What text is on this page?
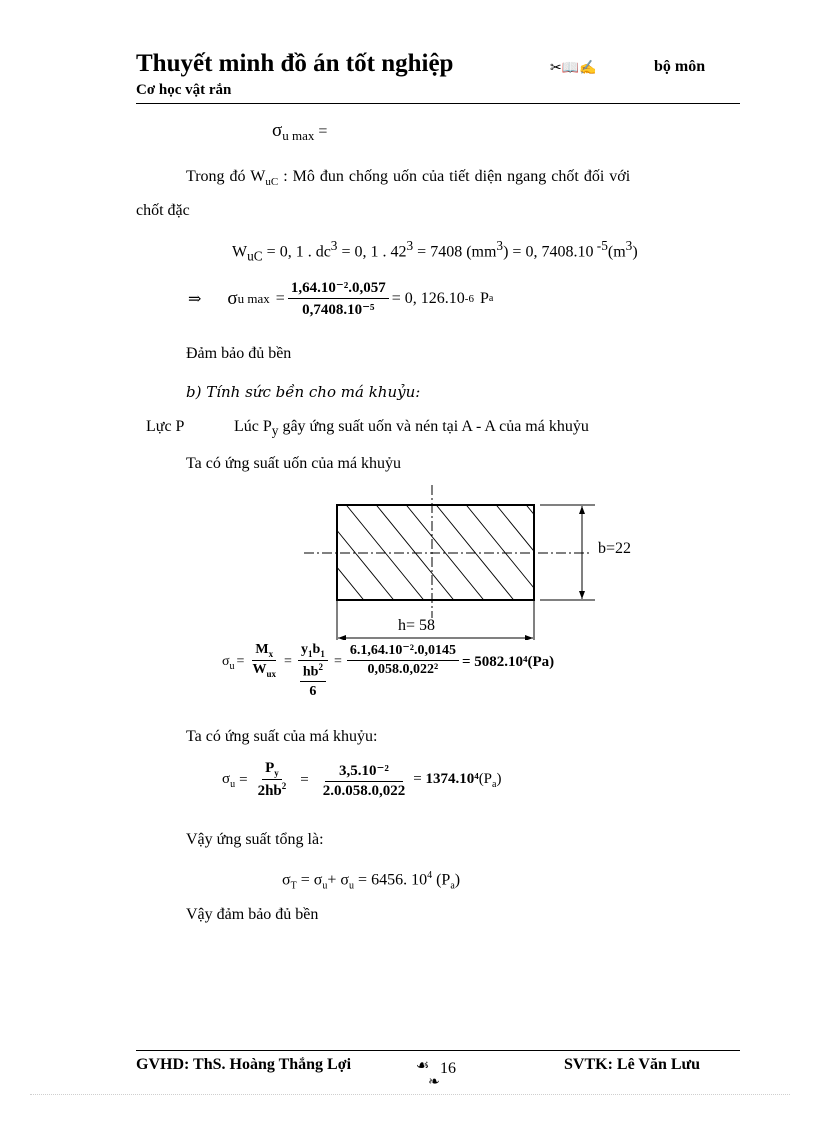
Thuyết minh đồ án tốt nghiệp	✂📖✍	bộ môn
Cơ học vật rắn
$\sigma_{u max}$ =
Trong đó $W_{uC}$ : Mô đun chống uốn của tiết diện ngang chốt đối với
chốt đặc
$W_{uC} = 0$, 1 . $dc^3 = 0$, 1 . $42^3 = 7408$ $(mm^3) = 0$, 7408.10 $^{-5}(m^3)$
⇒ σ u $\max = \frac{\text{1,64.10⁻².0,057}}{\text{0,7408.10⁻⁵}} = 0$, 126.10 -6 P a
Đảm bảo đủ bền
b) Tính sức bền cho má khuỷu:
Lực P	Lúc $P_y$ gây ứng suất uốn và nén tại A - A của má khuỷu
Ta có ứng suất uốn của má khuỷu
b=22
h= 58
$\sigma_u = \frac{M_x}{W_{ux}} = y_1b_1$
$hb^2$
$6 = \frac{\text{6.1,64.10⁻².0,0145}}{\text{0,058.0,022²}} = 5082.10^4(Pa)$
Ta có ứng suất của má khuỷu:
$\sigma_u = \frac{P_y}{2hb^2} = \frac{\text{3,5.10⁻²}}{2.0.058.0,022} = 1374.10^4(P_a)$
Vậy ứng suất tổng là:
$\sigma_T = \sigma_u+ \sigma_u = 6456$. $10^4$ $(P_a)$
Vậy đảm bảo đủ bền
GVHD: ThS. Hoàng Thắng Lợi	☙ 16
❧
SVTK: Lê Văn Lưu
